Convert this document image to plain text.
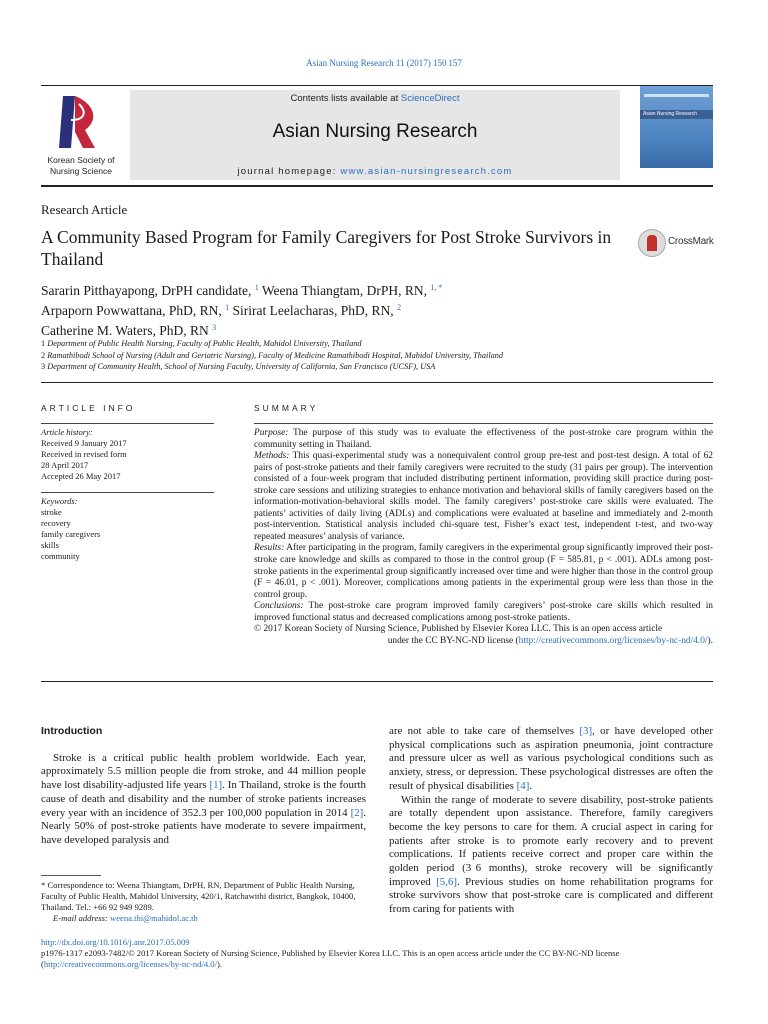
Asian Nursing Research 11 (2017) 150 157
Korean Society of
Nursing Science
Contents lists available at ScienceDirect
Asian Nursing Research
journal homepage: www.asian-nursingresearch.com
Asian Nursing Research
Research Article
A Community Based Program for Family Caregivers for Post Stroke Survivors in Thailand
CrossMark
Sararin Pitthayapong, DrPH candidate, $^1$ Weena Thiangtam, DrPH, RN, $^{1, *}$
Arpaporn Powwattana, PhD, RN, $^1$ Sirirat Leelacharas, PhD, RN, $^2$
Catherine M. Waters, PhD, RN $^3$
1 Department of Public Health Nursing, Faculty of Public Health, Mahidol University, Thailand
2 Ramathibodi School of Nursing (Adult and Geriatric Nursing), Faculty of Medicine Ramathibodi Hospital, Mahidol University, Thailand
3 Department of Community Health, School of Nursing Faculty, University of California, San Francisco (UCSF), USA
ARTICLE INFO	SUMMARY
Article history:
Received 9 January 2017
Received in revised form
28 April 2017
Accepted 26 May 2017
Keywords:
stroke
recovery
family caregivers
skills
community

Purpose: The purpose of this study was to evaluate the effectiveness of the post-stroke care program within the community setting in Thailand.

Methods: This quasi-experimental study was a nonequivalent control group pre-test and post-test design. A total of 62 pairs of post-stroke patients and their family caregivers were recruited to the study (31 pairs per group). The intervention consisted of a four-week program that included distributing pertinent information, providing skill practice during post-stroke care sessions and utilizing strategies to enhance motivation and behavioral skills of family caregivers based on the information-motivation-behavioral skills model. The family caregivers’ post-stroke care skills were evaluated. The patients’ activities of daily living (ADLs) and complications were evaluated at baseline and immediately and 2-month post-intervention. Statistical analysis included chi-square test, Fisher’s exact test, independent t-test, and two-way repeated measures’ analysis of variance.

Results: After participating in the program, family caregivers in the experimental group significantly improved their post-stroke care knowledge and skills as compared to those in the control group (F = 585.81, p < .001). ADLs among post-stroke patients in the experimental group significantly increased over time and were higher than those in the control group (F = 46.01, p < .001). Moreover, complications among patients in the experimental group were less than those in the control group.

Conclusions: The post-stroke care program improved family caregivers’ post-stroke care skills which resulted in improved functional status and decreased complications among post-stroke patients.

© 2017 Korean Society of Nursing Science, Published by Elsevier Korea LLC. This is an open access article

under the CC BY-NC-ND license (http://creativecommons.org/licenses/by-nc-nd/4.0/).

Introduction

Stroke is a critical public health problem worldwide. Each year, approximately 5.5 million people die from stroke, and 44 million people have lost disability-adjusted life years [1]. In Thailand, stroke is the fourth cause of death and disability and the number of stroke patients increases every year with an incidence of 352.3 per 100,000 population in 2014 [2]. Nearly 50% of post-stroke patients have moderate to severe impairment, have developed paralysis and

are not able to take care of themselves [3], or have developed other physical complications such as aspiration pneumonia, joint contracture and pressure ulcer as well as various psychological conditions such as anxiety, stress, or depression. These psychological distresses are often the result of physical disabilities [4].

Within the range of moderate to severe disability, post-stroke patients are totally dependent upon assistance. Therefore, family caregivers become the key persons to care for them. A crucial aspect in caring for patients after stroke is to promote early recovery and to prevent complications. If patients receive correct and proper care within the golden period (3  6 months), stroke recovery will be significantly improved [5,6]. Previous studies on home rehabilitation programs for stroke survivors show that post-stroke care is complicated and different from caring for patients with

* Correspondence to: Weena Thiangtam, DrPH, RN, Department of Public Health Nursing, Faculty of Public Health, Mahidol University, 420/1, Ratchawithi district, Bangkok, 10400, Thailand. Tel.: +66 92 949 9289.
E-mail address: weena.thi@mahidol.ac.th
http://dx.doi.org/10.1016/j.anr.2017.05.009
p1976-1317 e2093-7482/© 2017 Korean Society of Nursing Science, Published by Elsevier Korea LLC. This is an open access article under the CC BY-NC-ND license (http://creativecommons.org/licenses/by-nc-nd/4.0/).
